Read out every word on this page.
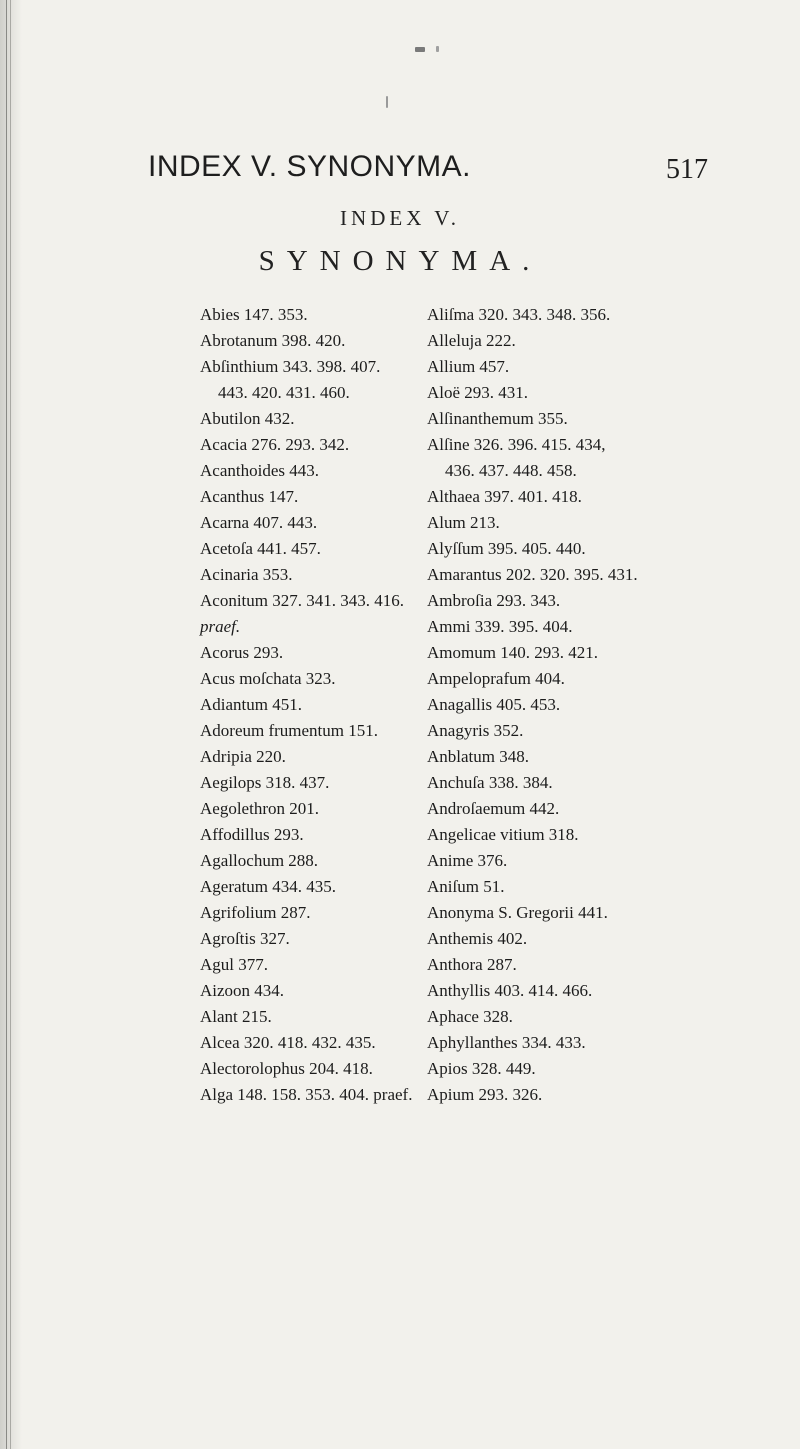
INDEX V. SYNONYMA.	517
INDEX V.
SYNONYMA.
Abies 147. 353.
Abrotanum 398. 420.
Abſinthium 343. 398. 407.
443. 420. 431. 460.
Abutilon 432.
Acacia 276. 293. 342.
Acanthoides 443.
Acanthus 147.
Acarna 407. 443.
Acetoſa 441. 457.
Acinaria 353.
Aconitum 327. 341. 343. 416.
praef.
Acorus 293.
Acus moſchata 323.
Adiantum 451.
Adoreum frumentum 151.
Adripia 220.
Aegilops 318. 437.
Aegolethron 201.
Affodillus 293.
Agallochum 288.
Ageratum 434. 435.
Agrifolium 287.
Agroſtis 327.
Agul 377.
Aizoon 434.
Alant 215.
Alcea 320. 418. 432. 435.
Alectorolophus 204. 418.
Alga 148. 158. 353. 404. praef.
Aliſma 320. 343. 348. 356.
Alleluja 222.
Allium 457.
Aloë 293. 431.
Alſinanthemum 355.
Alſine 326. 396. 415. 434,
436. 437. 448. 458.
Althaea 397. 401. 418.
Alum 213.
Alyſſum 395. 405. 440.
Amarantus 202. 320. 395. 431.
Ambroſia 293. 343.
Ammi 339. 395. 404.
Amomum 140. 293. 421.
Ampeloprafum 404.
Anagallis 405. 453.
Anagyris 352.
Anblatum 348.
Anchuſa 338. 384.
Androſaemum 442.
Angelicae vitium 318.
Anime 376.
Aniſum 51.
Anonyma S. Gregorii 441.
Anthemis 402.
Anthora 287.
Anthyllis 403. 414. 466.
Aphace 328.
Aphyllanthes 334. 433.
Apios 328. 449.
Apium 293. 326.
